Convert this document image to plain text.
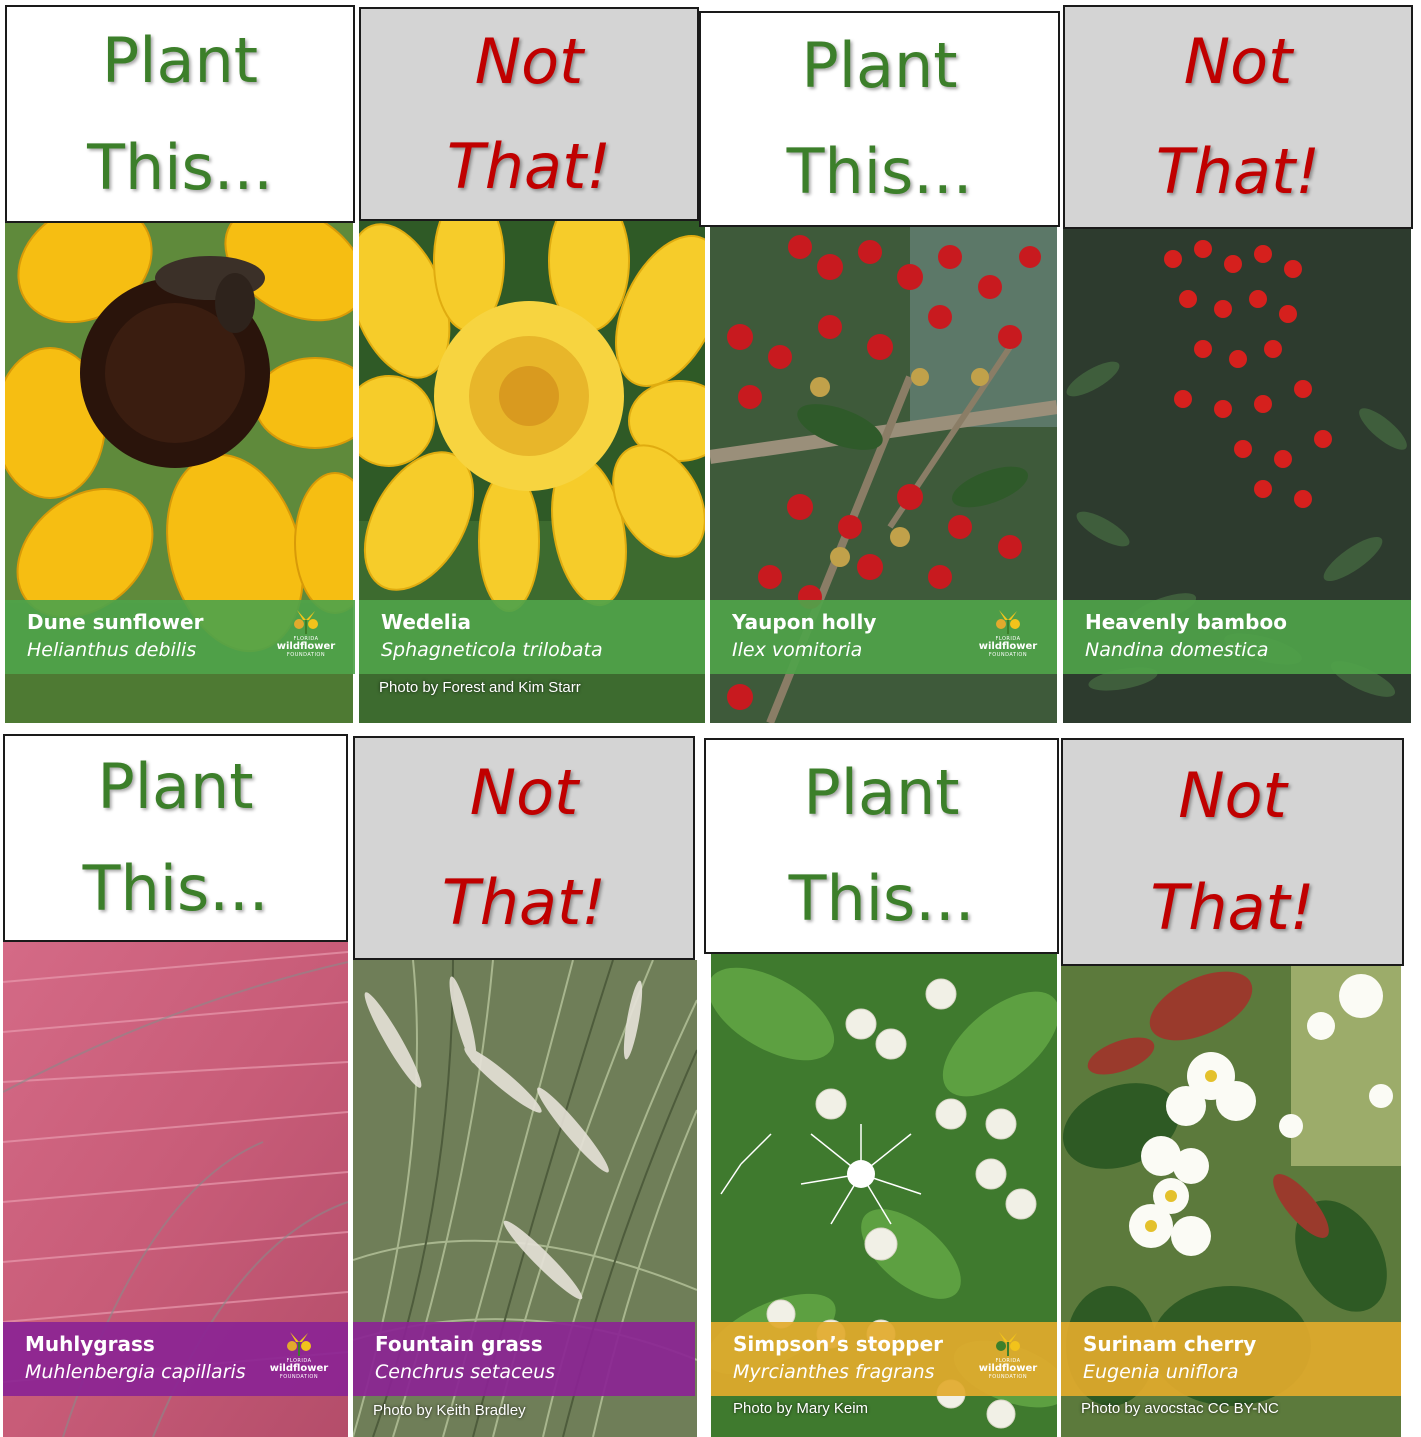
Plant
This...
Dune sunflower
Helianthus debilis	FLORIDA
wildflower
FOUNDATION
Not
That!
Wedelia
Sphagneticola trilobata
Photo by Forest and Kim Starr
Plant
This...
Yaupon holly
Ilex vomitoria	FLORIDA
wildflower
FOUNDATION
Not
That!
Heavenly bamboo
Nandina domestica
Plant
This...
Muhlygrass
Muhlenbergia capillaris	FLORIDA
wildflower
FOUNDATION
Not
That!
Fountain grass
Cenchrus setaceus
Photo by Keith Bradley
Plant
This...
Simpson’s stopper
Myrcianthes fragrans	FLORIDA
wildflower
FOUNDATION
Photo by Mary Keim
Not
That!
Surinam cherry
Eugenia uniflora
Photo by avocstac CC BY-NC
